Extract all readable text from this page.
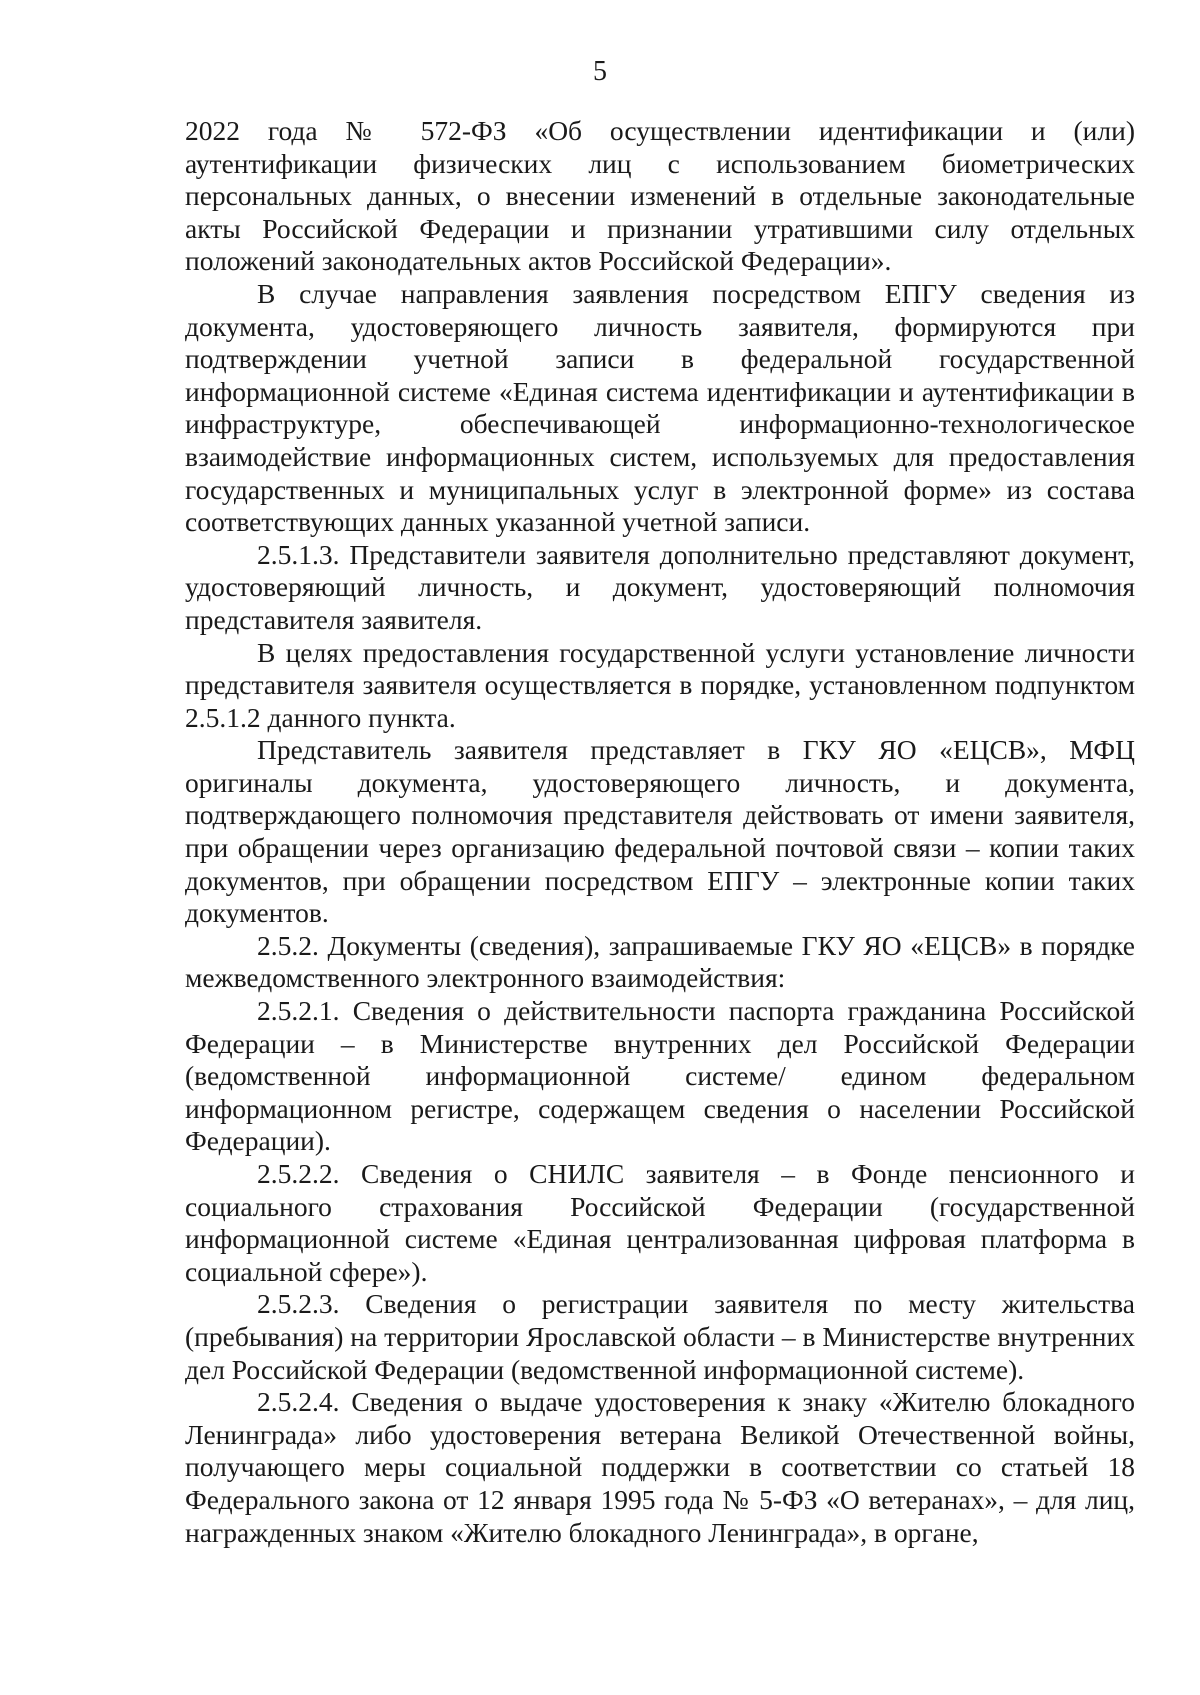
5

2022 года № 572-ФЗ «Об осуществлении идентификации и (или) аутентификации физических лиц с использованием биометрических персональных данных, о внесении изменений в отдельные законодательные акты Российской Федерации и признании утратившими силу отдельных положений законодательных актов Российской Федерации».

В случае направления заявления посредством ЕПГУ сведения из документа, удостоверяющего личность заявителя, формируются при подтверждении учетной записи в федеральной государственной информационной системе «Единая система идентификации и аутентификации в инфраструктуре, обеспечивающей информационно-технологическое взаимодействие информационных систем, используемых для предоставления государственных и муниципальных услуг в электронной форме» из состава соответствующих данных указанной учетной записи.

2.5.1.3. Представители заявителя дополнительно представляют документ, удостоверяющий личность, и документ, удостоверяющий полномочия представителя заявителя.

В целях предоставления государственной услуги установление личности представителя заявителя осуществляется в порядке, установленном подпунктом 2.5.1.2 данного пункта.

Представитель заявителя представляет в ГКУ ЯО «ЕЦСВ», МФЦ оригиналы документа, удостоверяющего личность, и документа, подтверждающего полномочия представителя действовать от имени заявителя, при обращении через организацию федеральной почтовой связи – копии таких документов, при обращении посредством ЕПГУ – электронные копии таких документов.

2.5.2. Документы (сведения), запрашиваемые ГКУ ЯО «ЕЦСВ» в порядке межведомственного электронного взаимодействия:

2.5.2.1. Сведения о действительности паспорта гражданина Российской Федерации – в Министерстве внутренних дел Российской Федерации (ведомственной информационной системе/ едином федеральном информационном регистре, содержащем сведения о населении Российской Федерации).

2.5.2.2. Сведения о СНИЛС заявителя – в Фонде пенсионного и социального страхования Российской Федерации (государственной информационной системе «Единая централизованная цифровая платформа в социальной сфере»).

2.5.2.3. Сведения о регистрации заявителя по месту жительства (пребывания) на территории Ярославской области – в Министерстве внутренних дел Российской Федерации (ведомственной информационной системе).

2.5.2.4. Сведения о выдаче удостоверения к знаку «Жителю блокадного Ленинграда» либо удостоверения ветерана Великой Отечественной войны, получающего меры социальной поддержки в соответствии со статьей 18 Федерального закона от 12 января 1995 года № 5-ФЗ «О ветеранах», – для лиц, награжденных знаком «Жителю блокадного Ленинграда», в органе,
